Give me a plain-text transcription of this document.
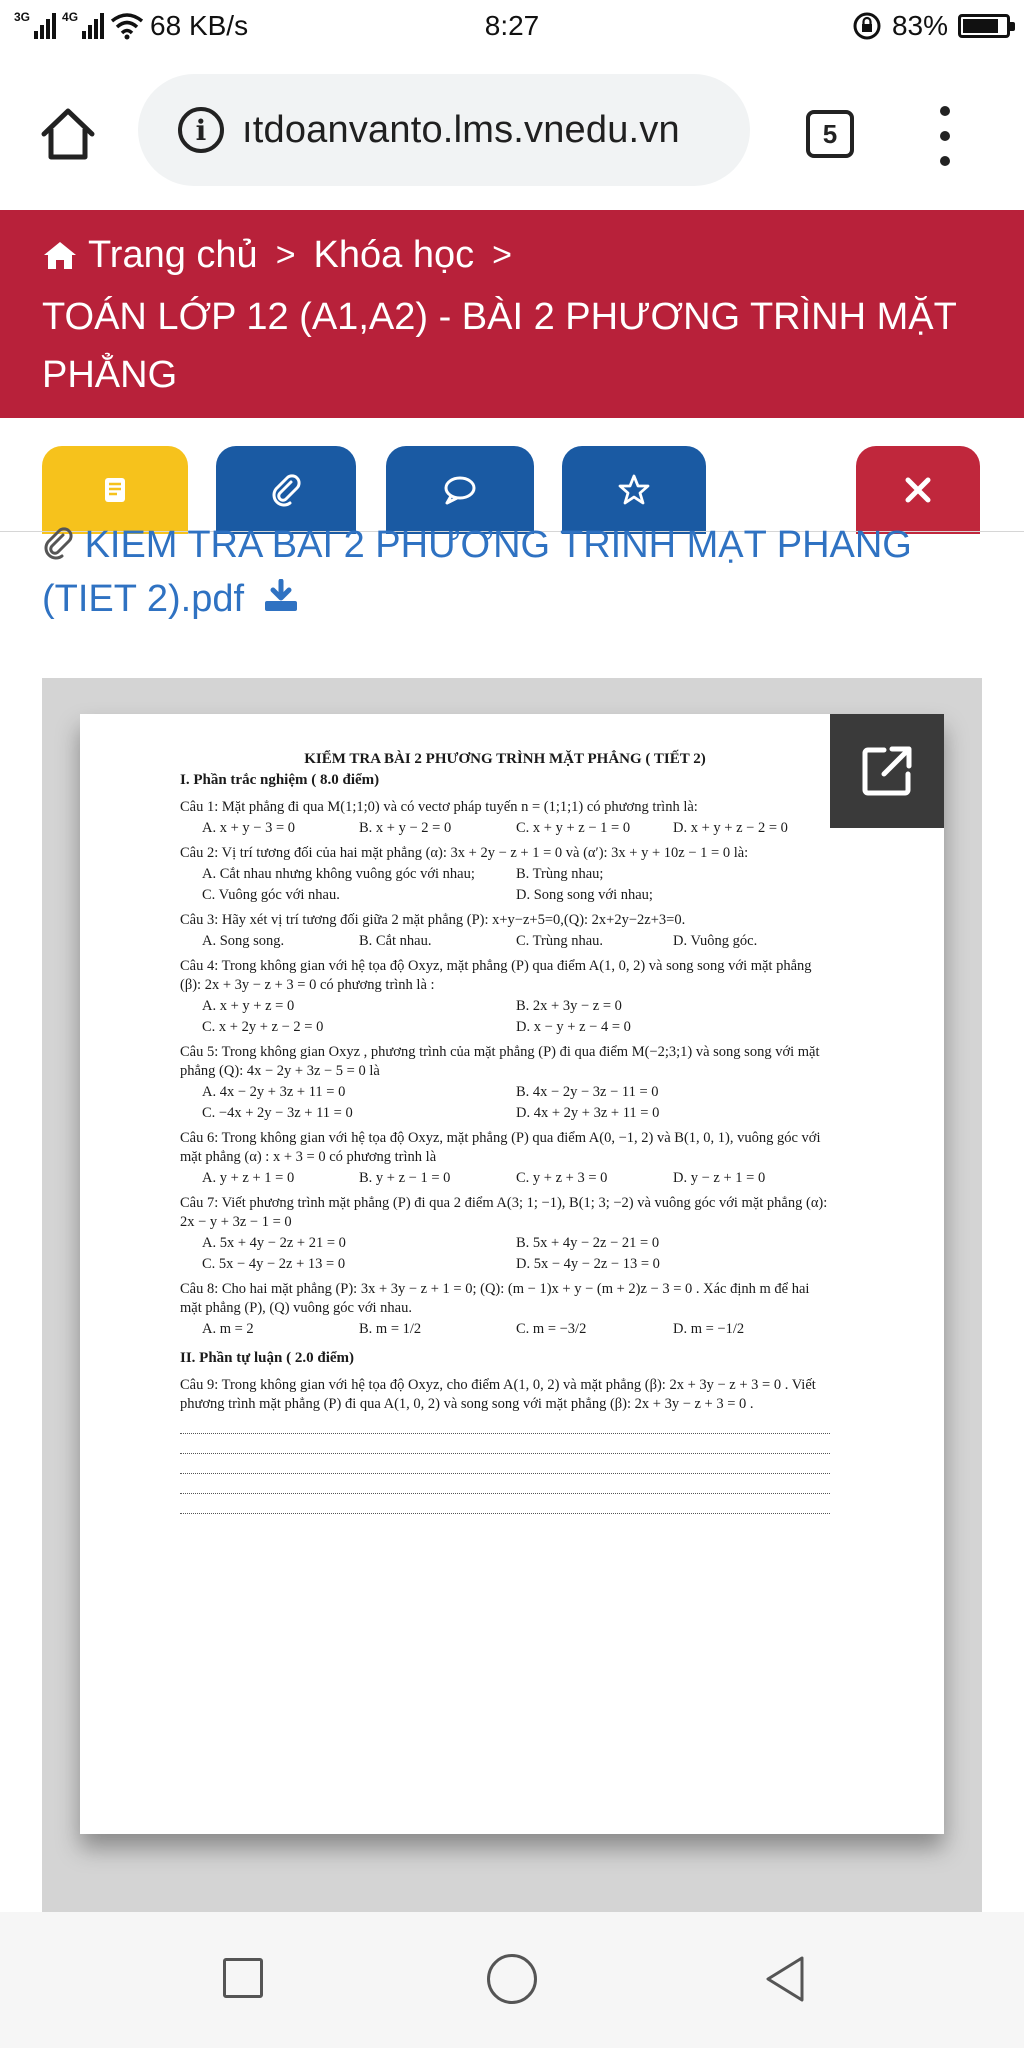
3G	4G	68 KB/s	8:27	83%
i ıtdoanvanto.lms.vnedu.vn	5
Trang chủ > Khóa học >
TOÁN LỚP 12 (A1,A2) - BÀI 2 PHƯƠNG TRÌNH MẶT PHẲNG
KIEM TRA BAI 2 PHƯƠNG TRINH MẠT PHANG (TIET 2).pdf
KIỂM TRA BÀI 2 PHƯƠNG TRÌNH MẶT PHẲNG ( TIẾT 2)
I. Phần trắc nghiệm ( 8.0 điểm)
Câu 1: Mặt phẳng đi qua M(1;1;0) và có vectơ pháp tuyến n = (1;1;1) có phương trình là:
A. x + y − 3 = 0	B. x + y − 2 = 0	C. x + y + z − 1 = 0	D. x + y + z − 2 = 0
Câu 2: Vị trí tương đối của hai mặt phẳng (α): 3x + 2y − z + 1 = 0 và (α′): 3x + y + 10z − 1 = 0 là:
A. Cắt nhau nhưng không vuông góc với nhau;	B. Trùng nhau;
C. Vuông góc với nhau.	D. Song song với nhau;
Câu 3: Hãy xét vị trí tương đối giữa 2 mặt phẳng (P): x+y−z+5=0,(Q): 2x+2y−2z+3=0.
A. Song song.	B. Cắt nhau.	C. Trùng nhau.	D. Vuông góc.
Câu 4: Trong không gian với hệ tọa độ Oxyz, mặt phẳng (P) qua điểm A(1, 0, 2) và song song với mặt phẳng (β): 2x + 3y − z + 3 = 0 có phương trình là :
A. x + y + z = 0	B. 2x + 3y − z = 0
C. x + 2y + z − 2 = 0	D. x − y + z − 4 = 0
Câu 5: Trong không gian Oxyz , phương trình của mặt phẳng (P) đi qua điểm M(−2;3;1) và song song với mặt phẳng (Q): 4x − 2y + 3z − 5 = 0 là
A. 4x − 2y + 3z + 11 = 0	B. 4x − 2y − 3z − 11 = 0
C. −4x + 2y − 3z + 11 = 0	D. 4x + 2y + 3z + 11 = 0
Câu 6: Trong không gian với hệ tọa độ Oxyz, mặt phẳng (P) qua điểm A(0, −1, 2) và B(1, 0, 1), vuông góc với mặt phẳng (α) : x + 3 = 0 có phương trình là
A. y + z + 1 = 0	B. y + z − 1 = 0	C. y + z + 3 = 0	D. y − z + 1 = 0
Câu 7: Viết phương trình mặt phẳng (P) đi qua 2 điểm A(3; 1; −1), B(1; 3; −2) và vuông góc với mặt phẳng (α): 2x − y + 3z − 1 = 0
A. 5x + 4y − 2z + 21 = 0	B. 5x + 4y − 2z − 21 = 0
C. 5x − 4y − 2z + 13 = 0	D. 5x − 4y − 2z − 13 = 0
Câu 8: Cho hai mặt phẳng (P): 3x + 3y − z + 1 = 0; (Q): (m − 1)x + y − (m + 2)z − 3 = 0 . Xác định m để hai mặt phẳng (P), (Q) vuông góc với nhau.
A. m = 2	B. m = 1/2	C. m = −3/2	D. m = −1/2
II. Phần tự luận ( 2.0 điểm)
Câu 9: Trong không gian với hệ tọa độ Oxyz, cho điểm A(1, 0, 2) và mặt phẳng (β): 2x + 3y − z + 3 = 0 . Viết phương trình mặt phẳng (P) đi qua A(1, 0, 2) và song song với mặt phẳng (β): 2x + 3y − z + 3 = 0 .
